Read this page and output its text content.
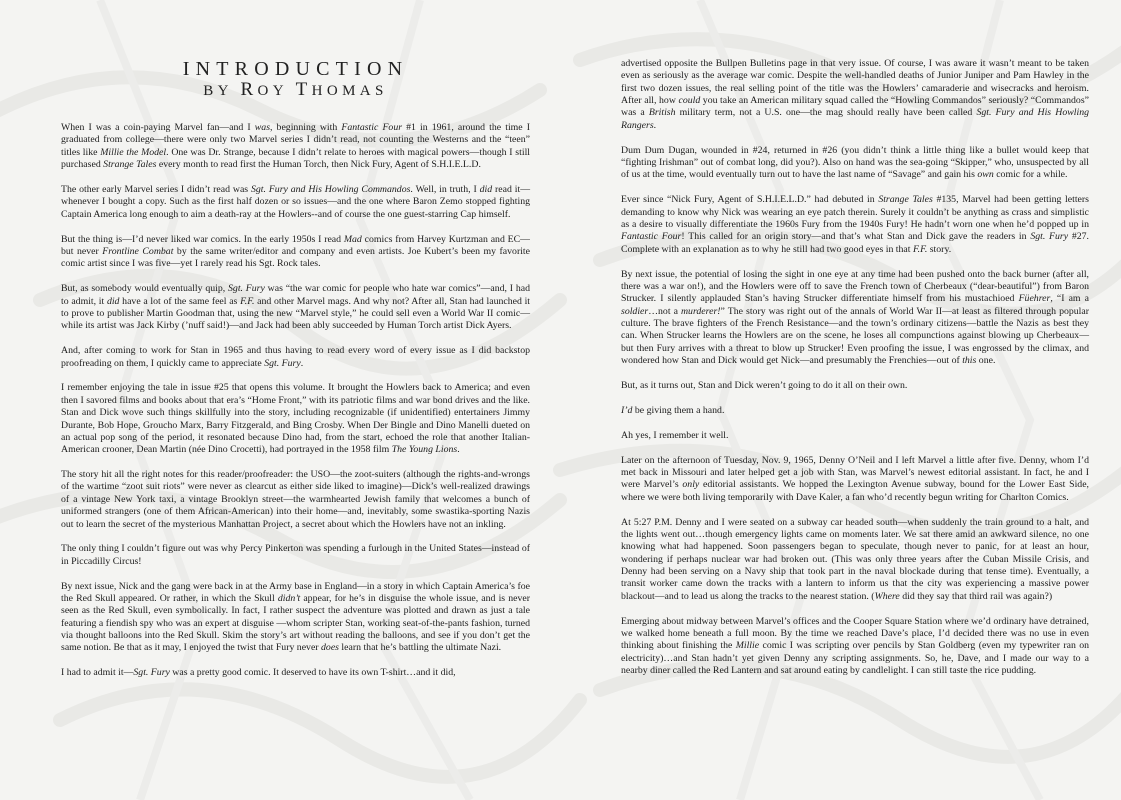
INTRODUCTION
BY ROY THOMAS

When I was a coin-paying Marvel fan—and I was, beginning with Fantastic Four #1 in 1961, around the time I graduated from college—there were only two Marvel series I didn’t read, not counting the Westerns and the “teen” titles like Millie the Model. One was Dr. Strange, because I didn’t relate to heroes with magical powers—though I still purchased Strange Tales every month to read first the Human Torch, then Nick Fury, Agent of S.H.I.E.L.D.

The other early Marvel series I didn’t read was Sgt. Fury and His Howling Commandos. Well, in truth, I did read it—whenever I bought a copy. Such as the first half dozen or so issues—and the one where Baron Zemo stopped fighting Captain America long enough to aim a death-ray at the Howlers--and of course the one guest-starring Cap himself.

But the thing is—I’d never liked war comics. In the early 1950s I read Mad comics from Harvey Kurtzman and EC—but never Frontline Combat by the same writer/editor and company and even artists. Joe Kubert’s been my favorite comic artist since I was five—yet I rarely read his Sgt. Rock tales.

But, as somebody would eventually quip, Sgt. Fury was “the war comic for people who hate war comics”—and, I had to admit, it did have a lot of the same feel as F.F. and other Marvel mags. And why not? After all, Stan had launched it to prove to publisher Martin Goodman that, using the new “Marvel style,” he could sell even a World War II comic—while its artist was Jack Kirby (’nuff said!)—and Jack had been ably succeeded by Human Torch artist Dick Ayers.

And, after coming to work for Stan in 1965 and thus having to read every word of every issue as I did backstop proofreading on them, I quickly came to appreciate Sgt. Fury.

I remember enjoying the tale in issue #25 that opens this volume. It brought the Howlers back to America; and even then I savored films and books about that era’s “Home Front,” with its patriotic films and war bond drives and the like. Stan and Dick wove such things skillfully into the story, including recognizable (if unidentified) entertainers Jimmy Durante, Bob Hope, Groucho Marx, Barry Fitzgerald, and Bing Crosby. When Der Bingle and Dino Manelli dueted on an actual pop song of the period, it resonated because Dino had, from the start, echoed the role that another Italian-American crooner, Dean Martin (née Dino Crocetti), had portrayed in the 1958 film The Young Lions.

The story hit all the right notes for this reader/proofreader: the USO—the zoot-suiters (although the rights-and-wrongs of the wartime “zoot suit riots” were never as clearcut as either side liked to imagine)—Dick’s well-realized drawings of a vintage New York taxi, a vintage Brooklyn street—the warmhearted Jewish family that welcomes a bunch of uniformed strangers (one of them African-American) into their home—and, inevitably, some swastika-sporting Nazis out to learn the secret of the mysterious Manhattan Project, a secret about which the Howlers have not an inkling.

The only thing I couldn’t figure out was why Percy Pinkerton was spending a furlough in the United States—instead of in Piccadilly Circus!

By next issue, Nick and the gang were back in at the Army base in England—in a story in which Captain America’s foe the Red Skull appeared. Or rather, in which the Skull didn’t appear, for he’s in disguise the whole issue, and is never seen as the Red Skull, even symbolically. In fact, I rather suspect the adventure was plotted and drawn as just a tale featuring a fiendish spy who was an expert at disguise —whom scripter Stan, working seat-of-the-pants fashion, turned via thought balloons into the Red Skull. Skim the story’s art without reading the balloons, and see if you don’t get the same notion. Be that as it may, I enjoyed the twist that Fury never does learn that he’s battling the ultimate Nazi.

I had to admit it—Sgt. Fury was a pretty good comic. It deserved to have its own T-shirt…and it did,

advertised opposite the Bullpen Bulletins page in that very issue. Of course, I was aware it wasn’t meant to be taken even as seriously as the average war comic. Despite the well-handled deaths of Junior Juniper and Pam Hawley in the first two dozen issues, the real selling point of the title was the Howlers’ camaraderie and wisecracks and heroism. After all, how could you take an American military squad called the “Howling Commandos” seriously? “Commandos” was a British military term, not a U.S. one—the mag should really have been called Sgt. Fury and His Howling Rangers.

Dum Dum Dugan, wounded in #24, returned in #26 (you didn’t think a little thing like a bullet would keep that “fighting Irishman” out of combat long, did you?). Also on hand was the sea-going “Skipper,” who, unsuspected by all of us at the time, would eventually turn out to have the last name of “Savage” and gain his own comic for a while.

Ever since “Nick Fury, Agent of S.H.I.E.L.D.” had debuted in Strange Tales #135, Marvel had been getting letters demanding to know why Nick was wearing an eye patch therein. Surely it couldn’t be anything as crass and simplistic as a desire to visually differentiate the 1960s Fury from the 1940s Fury! He hadn’t worn one when he’d popped up in Fantastic Four! This called for an origin story—and that’s what Stan and Dick gave the readers in Sgt. Fury #27. Complete with an explanation as to why he still had two good eyes in that F.F. story.

By next issue, the potential of losing the sight in one eye at any time had been pushed onto the back burner (after all, there was a war on!), and the Howlers were off to save the French town of Cherbeaux (“dear-beautiful”) from Baron Strucker. I silently applauded Stan’s having Strucker differentiate himself from his mustachioed Füehrer, “I am a soldier…not a murderer!” The story was right out of the annals of World War II—at least as filtered through popular culture. The brave fighters of the French Resistance—and the town’s ordinary citizens—battle the Nazis as best they can. When Strucker learns the Howlers are on the scene, he loses all compunctions against blowing up Cherbeaux—but then Fury arrives with a threat to blow up Strucker! Even proofing the issue, I was engrossed by the climax, and wondered how Stan and Dick would get Nick—and presumably the Frenchies—out of this one.

But, as it turns out, Stan and Dick weren’t going to do it all on their own.

I’d be giving them a hand.

Ah yes, I remember it well.

Later on the afternoon of Tuesday, Nov. 9, 1965, Denny O’Neil and I left Marvel a little after five. Denny, whom I’d met back in Missouri and later helped get a job with Stan, was Marvel’s newest editorial assistant. In fact, he and I were Marvel’s only editorial assistants. We hopped the Lexington Avenue subway, bound for the Lower East Side, where we were both living temporarily with Dave Kaler, a fan who’d recently begun writing for Charlton Comics.

At 5:27 P.M. Denny and I were seated on a subway car headed south—when suddenly the train ground to a halt, and the lights went out…though emergency lights came on moments later. We sat there amid an awkward silence, no one knowing what had happened. Soon passengers began to speculate, though never to panic, for at least an hour, wondering if perhaps nuclear war had broken out. (This was only three years after the Cuban Missile Crisis, and Denny had been serving on a Navy ship that took part in the naval blockade during that tense time). Eventually, a transit worker came down the tracks with a lantern to inform us that the city was experiencing a massive power blackout—and to lead us along the tracks to the nearest station. (Where did they say that third rail was again?)

Emerging about midway between Marvel’s offices and the Cooper Square Station where we’d ordinary have detrained, we walked home beneath a full moon. By the time we reached Dave’s place, I’d decided there was no use in even thinking about finishing the Millie comic I was scripting over pencils by Stan Goldberg (even my typewriter ran on electricity)…and Stan hadn’t yet given Denny any scripting assignments. So, he, Dave, and I made our way to a nearby diner called the Red Lantern and sat around eating by candlelight. I can still taste the rice pudding.
